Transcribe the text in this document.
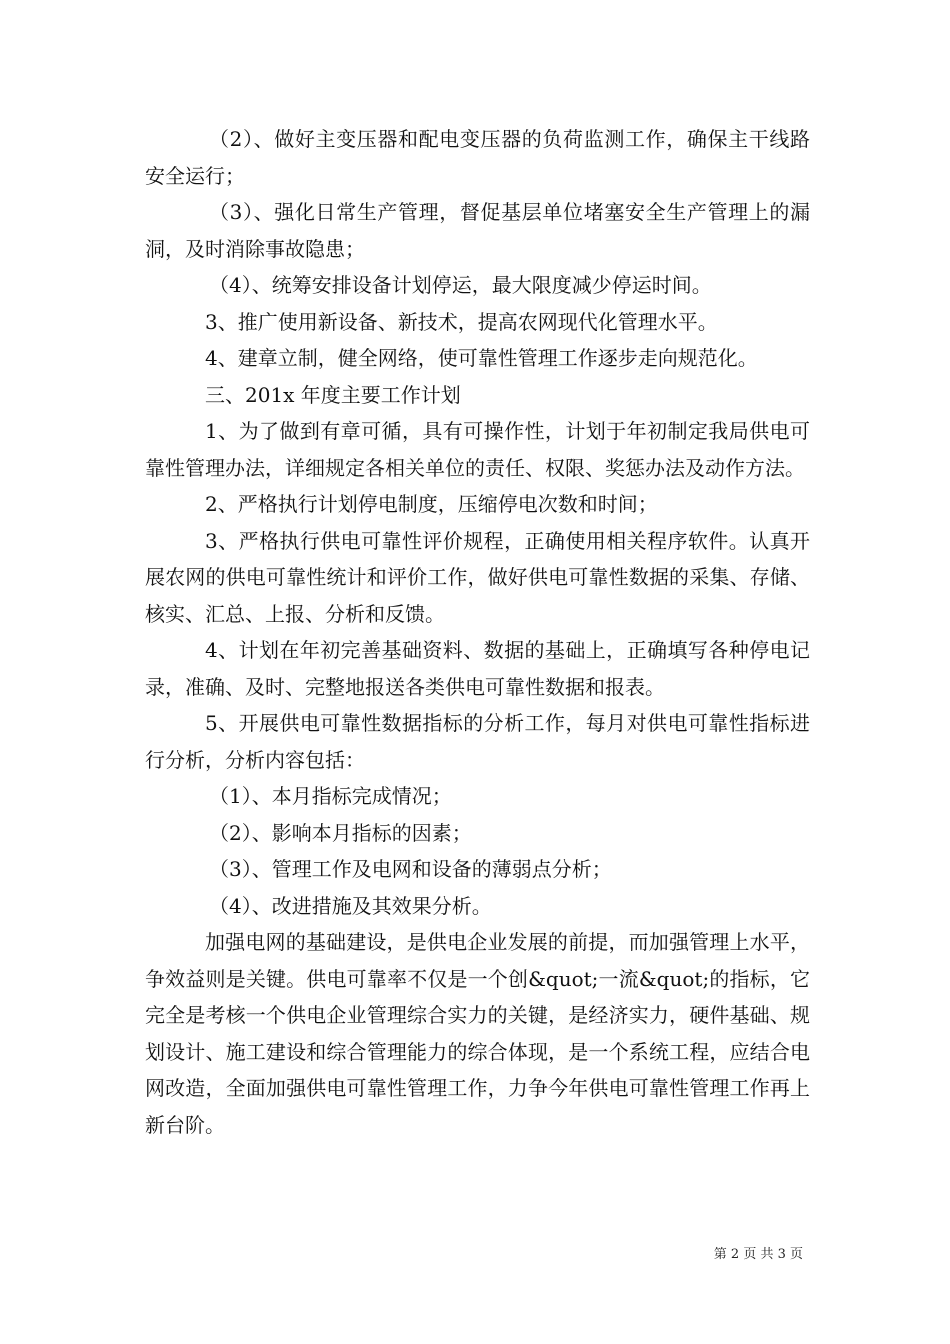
（2）、做好主变压器和配电变压器的负荷监测工作，确保主干线路安全运行；

（3）、强化日常生产管理，督促基层单位堵塞安全生产管理上的漏洞，及时消除事故隐患；

（4）、统筹安排设备计划停运，最大限度减少停运时间。

3、推广使用新设备、新技术，提高农网现代化管理水平。

4、建章立制，健全网络，使可靠性管理工作逐步走向规范化。

三、201x 年度主要工作计划

1、为了做到有章可循，具有可操作性，计划于年初制定我局供电可靠性管理办法，详细规定各相关单位的责任、权限、奖惩办法及动作方法。

2、严格执行计划停电制度，压缩停电次数和时间；

3、严格执行供电可靠性评价规程，正确使用相关程序软件。认真开展农网的供电可靠性统计和评价工作，做好供电可靠性数据的采集、存储、核实、汇总、上报、分析和反馈。

4、计划在年初完善基础资料、数据的基础上，正确填写各种停电记录，准确、及时、完整地报送各类供电可靠性数据和报表。

5、开展供电可靠性数据指标的分析工作，每月对供电可靠性指标进行分析，分析内容包括：

（1）、本月指标完成情况；

（2）、影响本月指标的因素；

（3）、管理工作及电网和设备的薄弱点分析；

（4）、改进措施及其效果分析。

加强电网的基础建设，是供电企业发展的前提，而加强管理上水平，争效益则是关键。供电可靠率不仅是一个创&quot;一流&quot;的指标，它完全是考核一个供电企业管理综合实力的关键，是经济实力，硬件基础、规划设计、施工建设和综合管理能力的综合体现，是一个系统工程，应结合电网改造，全面加强供电可靠性管理工作，力争今年供电可靠性管理工作再上新台阶。

第 2 页 共 3 页
